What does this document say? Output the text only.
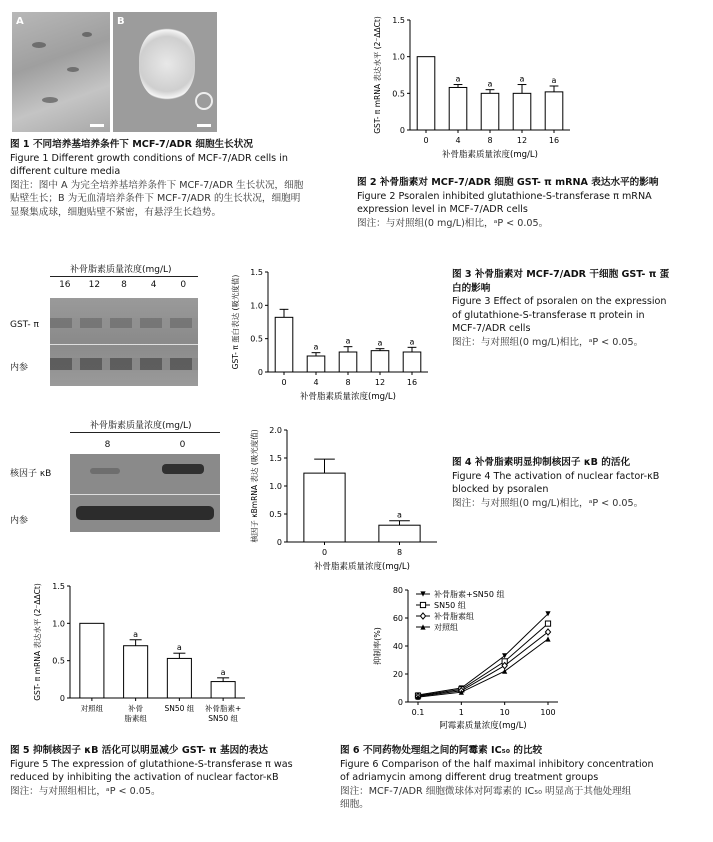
A	B
图 1 不同培养基培养条件下 MCF-7/ADR 细胞生长状况
Figure 1 Different growth conditions of MCF-7/ADR cells in
different culture media
图注：图中 A 为完全培养基培养条件下 MCF-7/ADR 生长状况，细胞
贴壁生长；B 为无血清培养条件下 MCF-7/ADR 的生长状况，细胞明
显聚集成球，细胞贴壁不紧密，有悬浮生长趋势。
0
0.5
1.0
1.5
0
a
4
a
8
a
12
a
16
补骨脂素质量浓度(mg/L)
GST- π mRNA 表达水平 (2⁻ΔΔCt)
图 2 补骨脂素对 MCF-7/ADR 细胞 GST- π mRNA 表达水平的影响
Figure 2 Psoralen inhibited glutathione-S-transferase π mRNA
expression level in MCF-7/ADR cells
图注：与对照组(0 mg/L)相比，ᵃP < 0.05。
补骨脂素质量浓度(mg/L)
16	12	8	4	0
GST- π
内参	0
0.5
1.0
1.5
0
a
4
a
8
a
12
a
16
补骨脂素质量浓度(mg/L)
GST- π 蛋白表达 (吸光度值)
图 3 补骨脂素对 MCF-7/ADR 干细胞 GST- π 蛋
白的影响
Figure 3 Effect of psoralen on the expression
of glutathione-S-transferase π protein in
MCF-7/ADR cells
图注：与对照组(0 mg/L)相比，ᵃP < 0.05。
补骨脂素质量浓度(mg/L)
8	0
核因子 κB
内参
0
0.5
1.0
1.5
2.0
0
a
8
补骨脂素质量浓度(mg/L)
核因子 κBmRNA 表达 (吸光度值)	图 4 补骨脂素明显抑制核因子 κB 的活化
Figure 4 The activation of nuclear factor-κB
blocked by psoralen
图注：与对照组(0 mg/L)相比，ᵃP < 0.05。
0
0.5
1.0
1.5
对照组
a
补骨
脂素组
a
SN50 组
a
补骨脂素+
SN50 组
GST- π mRNA 表达水平 (2⁻ΔΔCt)
图 5 抑制核因子 κB 活化可以明显减少 GST- π 基因的表达
Figure 5 The expression of glutathione-S-transferase π was
reduced by inhibiting the activation of nuclear factor-κB
图注：与对照组相比，ᵃP < 0.05。
0
20
40
60
80
0.1	1	10	100
阿霉素质量浓度(mg/L)
抑制率(%)
补骨脂素+SN50 组
SN50 组
补骨脂素组
对照组
图 6 不同药物处理组之间的阿霉素 IC₅₀ 的比较
Figure 6 Comparison of the half maximal inhibitory concentration
of adriamycin among different drug treatment groups
图注：MCF-7/ADR 细胞微球体对阿霉素的 IC₅₀ 明显高于其他处理组
细胞。
